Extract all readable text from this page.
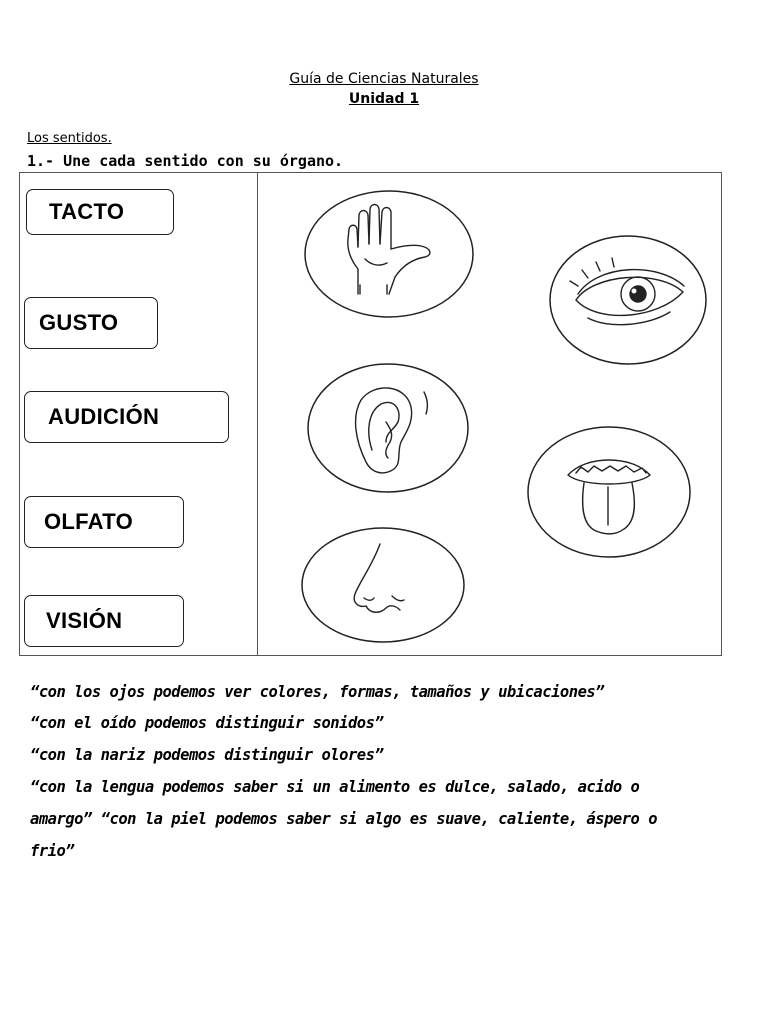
Guía de Ciencias Naturales
Unidad 1
Los sentidos.
1.- Une cada sentido con su órgano.
TACTO
GUSTO
AUDICIÓN
OLFATO
VISIÓN
“con los ojos podemos ver colores, formas, tamaños y ubicaciones”
“con el oído podemos distinguir sonidos”
“con la nariz podemos distinguir olores”
“con la lengua podemos saber si un alimento es dulce, salado, acido o
amargo” “con la piel podemos saber si algo es suave, caliente, áspero o
frio”
